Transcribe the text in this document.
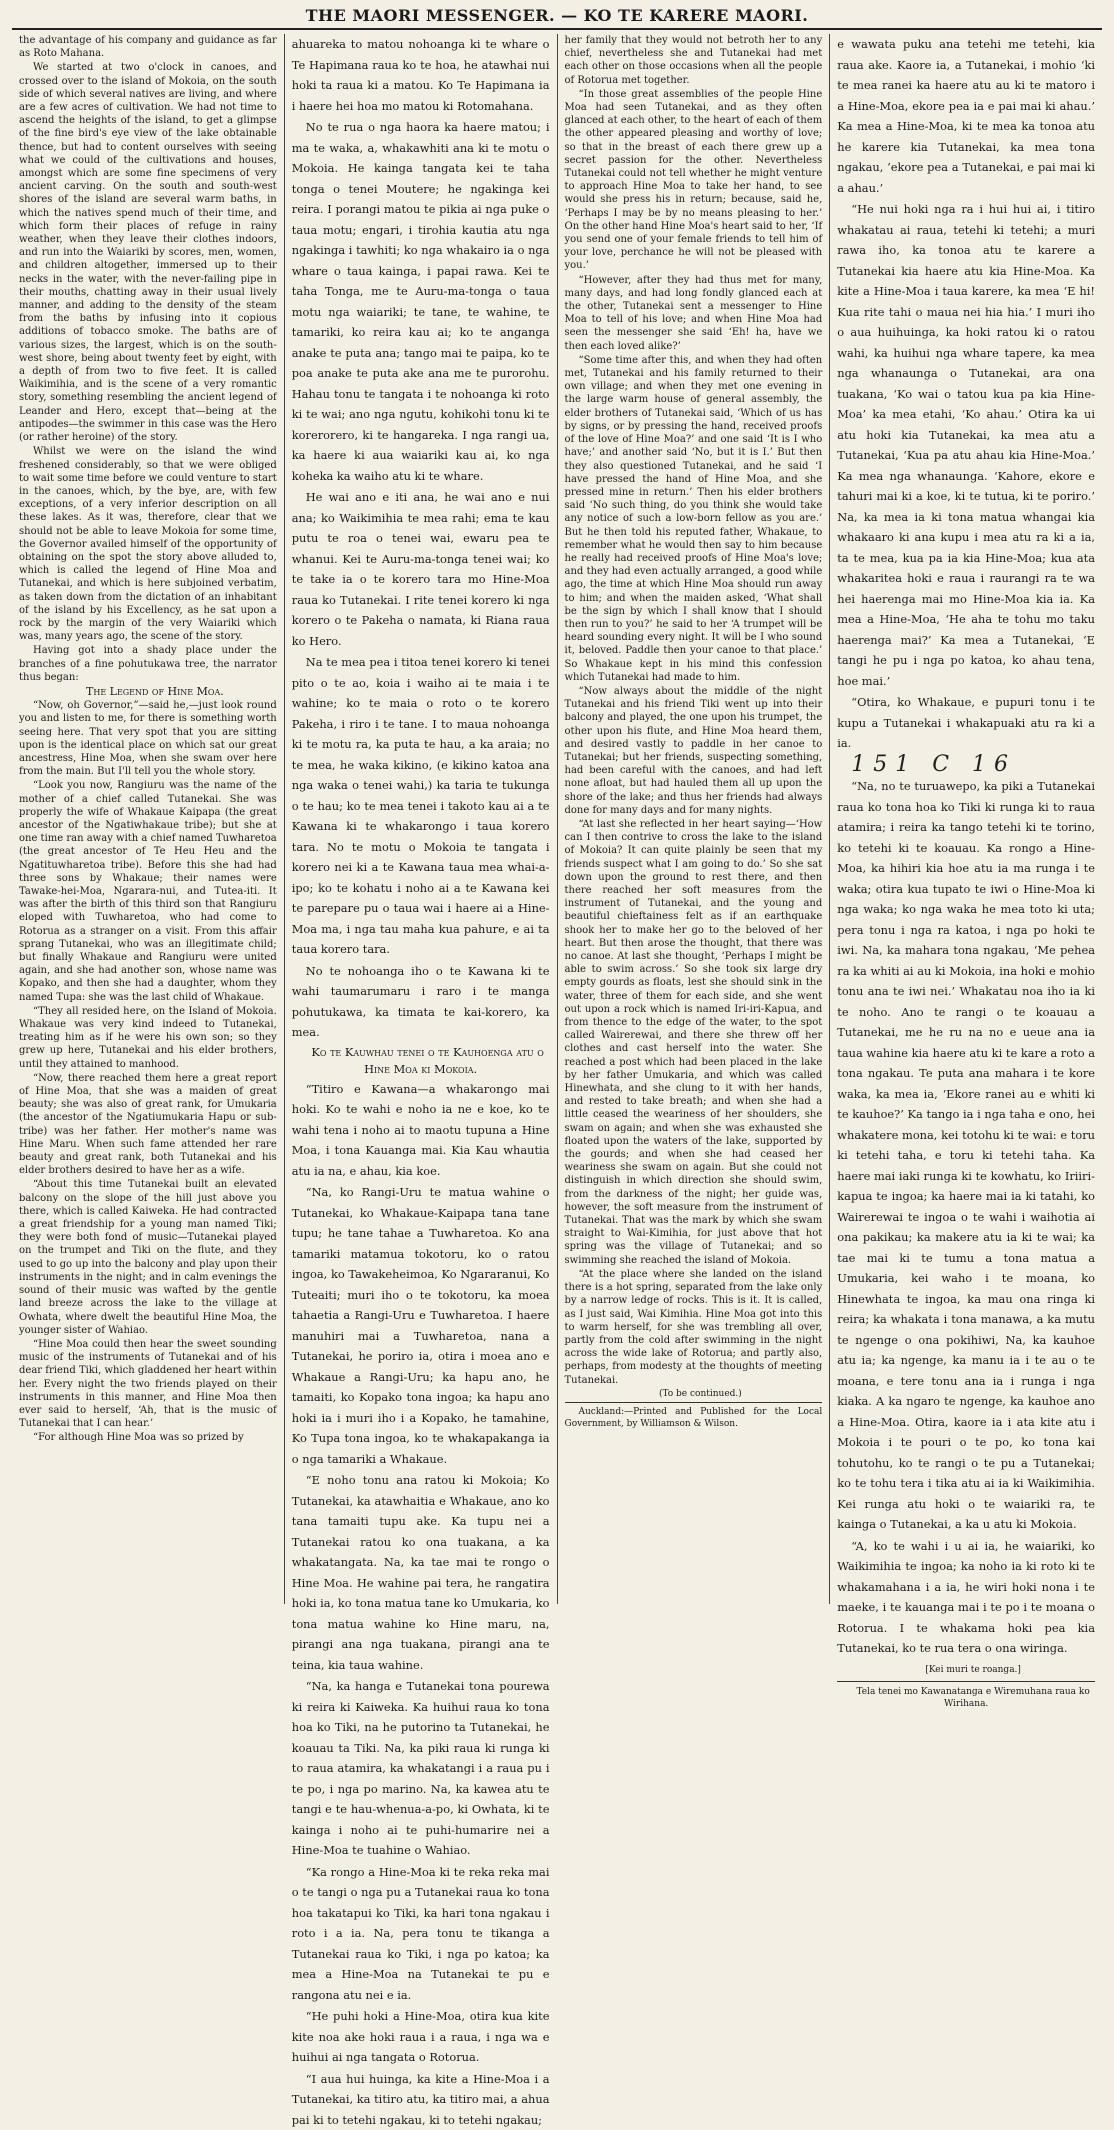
THE MAORI MESSENGER. — KO TE KARERE MAORI.

the advantage of his company and guidance as far as Roto Mahana.

We started at two o'clock in canoes, and crossed over to the island of Mokoia, on the south side of which several natives are living, and where are a few acres of cultivation. We had not time to ascend the heights of the island, to get a glimpse of the fine bird's eye view of the lake obtainable thence, but had to content ourselves with seeing what we could of the cultivations and houses, amongst which are some fine specimens of very ancient carving. On the south and south-west shores of the island are several warm baths, in which the natives spend much of their time, and which form their places of refuge in rainy weather, when they leave their clothes indoors, and run into the Waiariki by scores, men, women, and children altogether, immersed up to their necks in the water, with the never-failing pipe in their mouths, chatting away in their usual lively manner, and adding to the density of the steam from the baths by infusing into it copious additions of tobacco smoke. The baths are of various sizes, the largest, which is on the south-west shore, being about twenty feet by eight, with a depth of from two to five feet. It is called Waikimihia, and is the scene of a very romantic story, something resembling the ancient legend of Leander and Hero, except that—being at the antipodes—the swimmer in this case was the Hero (or rather heroine) of the story.

Whilst we were on the island the wind freshened considerably, so that we were obliged to wait some time before we could venture to start in the canoes, which, by the bye, are, with few exceptions, of a very inferior description on all these lakes. As it was, therefore, clear that we should not be able to leave Mokoia for some time, the Governor availed himself of the opportunity of obtaining on the spot the story above alluded to, which is called the legend of Hine Moa and Tutanekai, and which is here subjoined verbatim, as taken down from the dictation of an inhabitant of the island by his Excellency, as he sat upon a rock by the margin of the very Waiariki which was, many years ago, the scene of the story.

Having got into a shady place under the branches of a fine pohutukawa tree, the narrator thus began:

The Legend of Hine Moa.

“Now, oh Governor,”—said he,—just look round you and listen to me, for there is something worth seeing here. That very spot that you are sitting upon is the identical place on which sat our great ancestress, Hine Moa, when she swam over here from the main. But I'll tell you the whole story.

“Look you now, Rangiuru was the name of the mother of a chief called Tutanekai. She was properly the wife of Whakaue Kaipapa (the great ancestor of the Ngatiwhakaue tribe); but she at one time ran away with a chief named Tuwharetoa (the great ancestor of Te Heu Heu and the Ngatituwharetoa tribe). Before this she had had three sons by Whakaue; their names were Tawake-hei-Moa, Ngarara-nui, and Tutea-iti. It was after the birth of this third son that Rangiuru eloped with Tuwharetoa, who had come to Rotorua as a stranger on a visit. From this affair sprang Tutanekai, who was an illegitimate child; but finally Whakaue and Rangiuru were united again, and she had another son, whose name was Kopako, and then she had a daughter, whom they named Tupa: she was the last child of Whakaue.

“They all resided here, on the Island of Mokoia. Whakaue was very kind indeed to Tutanekai, treating him as if he were his own son; so they grew up here, Tutanekai and his elder brothers, until they attained to manhood.

“Now, there reached them here a great report of Hine Moa, that she was a maiden of great beauty; she was also of great rank, for Umukaria (the ancestor of the Ngatiumukaria Hapu or sub-tribe) was her father. Her mother's name was Hine Maru. When such fame attended her rare beauty and great rank, both Tutanekai and his elder brothers desired to have her as a wife.

“About this time Tutanekai built an elevated balcony on the slope of the hill just above you there, which is called Kaiweka. He had contracted a great friendship for a young man named Tiki; they were both fond of music—Tutanekai played on the trumpet and Tiki on the flute, and they used to go up into the balcony and play upon their instruments in the night; and in calm evenings the sound of their music was wafted by the gentle land breeze across the lake to the village at Owhata, where dwelt the beautiful Hine Moa, the younger sister of Wahiao.

“Hine Moa could then hear the sweet sounding music of the instruments of Tutanekai and of his dear friend Tiki, which gladdened her heart within her. Every night the two friends played on their instruments in this manner, and Hine Moa then ever said to herself, ‘Ah, that is the music of Tutanekai that I can hear.’

“For although Hine Moa was so prized by

ahuareka to matou nohoanga ki te whare o Te Hapimana raua ko te hoa, he atawhai nui hoki ta raua ki a matou. Ko Te Hapimana ia i haere hei hoa mo matou ki Rotomahana.

No te rua o nga haora ka haere matou; i ma te waka, a, whakawhiti ana ki te motu o Mokoia. He kainga tangata kei te taha tonga o tenei Moutere; he ngakinga kei reira. I porangi matou te pikia ai nga puke o taua motu; engari, i tirohia kautia atu nga ngakinga i tawhiti; ko nga whakairo ia o nga whare o taua kainga, i papai rawa. Kei te taha Tonga, me te Auru-ma-tonga o taua motu nga waiariki; te tane, te wahine, te tamariki, ko reira kau ai; ko te anganga anake te puta ana; tango mai te paipa, ko te poa anake te puta ake ana me te purorohu. Hahau tonu te tangata i te nohoanga ki roto ki te wai; ano nga ngutu, kohikohi tonu ki te korerorero, ki te hangareka. I nga rangi ua, ka haere ki aua waiariki kau ai, ko nga koheka ka waiho atu ki te whare.

He wai ano e iti ana, he wai ano e nui ana; ko Waikimihia te mea rahi; ema te kau putu te roa o tenei wai, ewaru pea te whanui. Kei te Auru-ma-tonga tenei wai; ko te take ia o te korero tara mo Hine-Moa raua ko Tutanekai. I rite tenei korero ki nga korero o te Pakeha o namata, ki Riana raua ko Hero.

Na te mea pea i titoa tenei korero ki tenei pito o te ao, koia i waiho ai te maia i te wahine; ko te maia o roto o te korero Pakeha, i riro i te tane. I to maua nohoanga ki te motu ra, ka puta te hau, a ka araia; no te mea, he waka kikino, (e kikino katoa ana nga waka o tenei wahi,) ka taria te tukunga o te hau; ko te mea tenei i takoto kau ai a te Kawana ki te whakarongo i taua korero tara. No te motu o Mokoia te tangata i korero nei ki a te Kawana taua mea whai-a-ipo; ko te kohatu i noho ai a te Kawana kei te parepare pu o taua wai i haere ai a Hine-Moa ma, i nga tau maha kua pahure, e ai ta taua korero tara.

No te nohoanga iho o te Kawana ki te wahi taumarumaru i raro i te manga pohutukawa, ka timata te kai-korero, ka mea.

Ko te Kauwhau tenei o te Kauhoenga atu o Hine Moa ki Mokoia.

“Titiro e Kawana—a whakarongo mai hoki. Ko te wahi e noho ia ne e koe, ko te wahi tena i noho ai to maotu tupuna a Hine Moa, i tona Kauanga mai. Kia Kau whautia atu ia na, e ahau, kia koe.

“Na, ko Rangi-Uru te matua wahine o Tutanekai, ko Whakaue-Kaipapa tana tane tupu; he tane tahae a Tuwharetoa. Ko ana tamariki matamua tokotoru, ko o ratou ingoa, ko Tawakeheimoa, Ko Ngararanui, Ko Tuteaiti; muri iho o te tokotoru, ka moea tahaetia a Rangi-Uru e Tuwharetoa. I haere manuhiri mai a Tuwharetoa, nana a Tutanekai, he poriro ia, otira i moea ano e Whakaue a Rangi-Uru; ka hapu ano, he tamaiti, ko Kopako tona ingoa; ka hapu ano hoki ia i muri iho i a Kopako, he tamahine, Ko Tupa tona ingoa, ko te whakapakanga ia o nga tamariki a Whakaue.

“E noho tonu ana ratou ki Mokoia; Ko Tutanekai, ka atawhaitia e Whakaue, ano ko tana tamaiti tupu ake. Ka tupu nei a Tutanekai ratou ko ona tuakana, a ka whakatangata. Na, ka tae mai te rongo o Hine Moa. He wahine pai tera, he rangatira hoki ia, ko tona matua tane ko Umukaria, ko tona matua wahine ko Hine maru, na, pirangi ana nga tuakana, pirangi ana te teina, kia taua wahine.

“Na, ka hanga e Tutanekai tona pourewa ki reira ki Kaiweka. Ka huihui raua ko tona hoa ko Tiki, na he putorino ta Tutanekai, he koauau ta Tiki. Na, ka piki raua ki runga ki to raua atamira, ka whakatangi i a raua pu i te po, i nga po marino. Na, ka kawea atu te tangi e te hau-whenua-a-po, ki Owhata, ki te kainga i noho ai te puhi-humarire nei a Hine-Moa te tuahine o Wahiao.

“Ka rongo a Hine-Moa ki te reka reka mai o te tangi o nga pu a Tutanekai raua ko tona hoa takatapui ko Tiki, ka hari tona ngakau i roto i a ia. Na, pera tonu te tikanga a Tutanekai raua ko Tiki, i nga po katoa; ka mea a Hine-Moa na Tutanekai te pu e rangona atu nei e ia.

“He puhi hoki a Hine-Moa, otira kua kite kite noa ake hoki raua i a raua, i nga wa e huihui ai nga tangata o Rotorua.

“I aua hui huinga, ka kite a Hine-Moa i a Tutanekai, ka titiro atu, ka titiro mai, a ahua pai ki to tetehi ngakau, ki to tetehi ngakau;

her family that they would not betroth her to any chief, nevertheless she and Tutanekai had met each other on those occasions when all the people of Rotorua met together.

“In those great assemblies of the people Hine Moa had seen Tutanekai, and as they often glanced at each other, to the heart of each of them the other appeared pleasing and worthy of love; so that in the breast of each there grew up a secret passion for the other. Nevertheless Tutanekai could not tell whether he might venture to approach Hine Moa to take her hand, to see would she press his in return; because, said he, ‘Perhaps I may be by no means pleasing to her.’ On the other hand Hine Moa's heart said to her, ‘If you send one of your female friends to tell him of your love, perchance he will not be pleased with you.’

“However, after they had thus met for many, many days, and had long fondly glanced each at the other, Tutanekai sent a messenger to Hine Moa to tell of his love; and when Hine Moa had seen the messenger she said ‘Eh! ha, have we then each loved alike?’

“Some time after this, and when they had often met, Tutanekai and his family returned to their own village; and when they met one evening in the large warm house of general assembly, the elder brothers of Tutanekai said, ‘Which of us has by signs, or by pressing the hand, received proofs of the love of Hine Moa?’ and one said ‘It is I who have;’ and another said ‘No, but it is I.’ But then they also questioned Tutanekai, and he said ‘I have pressed the hand of Hine Moa, and she pressed mine in return.’ Then his elder brothers said ‘No such thing, do you think she would take any notice of such a low-born fellow as you are.’ But he then told his reputed father, Whakaue, to remember what he would then say to him because he really had received proofs of Hine Moa's love; and they had even actually arranged, a good while ago, the time at which Hine Moa should run away to him; and when the maiden asked, ‘What shall be the sign by which I shall know that I should then run to you?’ he said to her ‘A trumpet will be heard sounding every night. It will be I who sound it, beloved. Paddle then your canoe to that place.’ So Whakaue kept in his mind this confession which Tutanekai had made to him.

“Now always about the middle of the night Tutanekai and his friend Tiki went up into their balcony and played, the one upon his trumpet, the other upon his flute, and Hine Moa heard them, and desired vastly to paddle in her canoe to Tutanekai; but her friends, suspecting something, had been careful with the canoes, and had left none afloat, but had hauled them all up upon the shore of the lake; and thus her friends had always done for many days and for many nights.

“At last she reflected in her heart saying—‘How can I then contrive to cross the lake to the island of Mokoia? It can quite plainly be seen that my friends suspect what I am going to do.’ So she sat down upon the ground to rest there, and then there reached her soft measures from the instrument of Tutanekai, and the young and beautiful chieftainess felt as if an earthquake shook her to make her go to the beloved of her heart. But then arose the thought, that there was no canoe. At last she thought, ‘Perhaps I might be able to swim across.’ So she took six large dry empty gourds as floats, lest she should sink in the water, three of them for each side, and she went out upon a rock which is named Iri-iri-Kapua, and from thence to the edge of the water, to the spot called Wairerewai, and there she threw off her clothes and cast herself into the water. She reached a post which had been placed in the lake by her father Umukaria, and which was called Hinewhata, and she clung to it with her hands, and rested to take breath; and when she had a little ceased the weariness of her shoulders, she swam on again; and when she was exhausted she floated upon the waters of the lake, supported by the gourds; and when she had ceased her weariness she swam on again. But she could not distinguish in which direction she should swim, from the darkness of the night; her guide was, however, the soft measure from the instrument of Tutanekai. That was the mark by which she swam straight to Wai-Kimihia, for just above that hot spring was the village of Tutanekai; and so swimming she reached the island of Mokoia.

“At the place where she landed on the island there is a hot spring, separated from the lake only by a narrow ledge of rocks. This is it. It is called, as I just said, Wai Kimihia. Hine Moa got into this to warm herself, for she was trembling all over, partly from the cold after swimming in the night across the wide lake of Rotorua; and partly also, perhaps, from modesty at the thoughts of meeting Tutanekai.

(To be continued.)

Auckland:—Printed and Published for the Local Government, by Williamson & Wilson.

e wawata puku ana tetehi me tetehi, kia raua ake. Kaore ia, a Tutanekai, i mohio ‘ki te mea ranei ka haere atu au ki te matoro i a Hine-Moa, ekore pea ia e pai mai ki ahau.’ Ka mea a Hine-Moa, ki te mea ka tonoa atu he karere kia Tutanekai, ka mea tona ngakau, ‘ekore pea a Tutanekai, e pai mai ki a ahau.’

“He nui hoki nga ra i hui hui ai, i titiro whakatau ai raua, tetehi ki tetehi; a muri rawa iho, ka tonoa atu te karere a Tutanekai kia haere atu kia Hine-Moa. Ka kite a Hine-Moa i taua karere, ka mea ‘E hi! Kua rite tahi o maua nei hia hia.’ I muri iho o aua huihuinga, ka hoki ratou ki o ratou wahi, ka huihui nga whare tapere, ka mea nga whanaunga o Tutanekai, ara ona tuakana, ‘Ko wai o tatou kua pa kia Hine-Moa’ ka mea etahi, ‘Ko ahau.’ Otira ka ui atu hoki kia Tutanekai, ka mea atu a Tutanekai, ‘Kua pa atu ahau kia Hine-Moa.’ Ka mea nga whanaunga. ‘Kahore, ekore e tahuri mai ki a koe, ki te tutua, ki te poriro.’ Na, ka mea ia ki tona matua whangai kia whakaaro ki ana kupu i mea atu ra ki a ia, ta te mea, kua pa ia kia Hine-Moa; kua ata whakaritea hoki e raua i raurangi ra te wa hei haerenga mai mo Hine-Moa kia ia. Ka mea a Hine-Moa, ‘He aha te tohu mo taku haerenga mai?’ Ka mea a Tutanekai, ‘E tangi he pu i nga po katoa, ko ahau tena, hoe mai.’

“Otira, ko Whakaue, e pupuri tonu i te kupu a Tutanekai i whakapuaki atu ra ki a ia.

151 C 16

“Na, no te turuawepo, ka piki a Tutanekai raua ko tona hoa ko Tiki ki runga ki to raua atamira; i reira ka tango tetehi ki te torino, ko tetehi ki te koauau. Ka rongo a Hine-Moa, ka hihiri kia hoe atu ia ma runga i te waka; otira kua tupato te iwi o Hine-Moa ki nga waka; ko nga waka he mea toto ki uta; pera tonu i nga ra katoa, i nga po hoki te iwi. Na, ka mahara tona ngakau, ‘Me pehea ra ka whiti ai au ki Mokoia, ina hoki e mohio tonu ana te iwi nei.’ Whakatau noa iho ia ki te noho. Ano te rangi o te koauau a Tutanekai, me he ru na no e ueue ana ia taua wahine kia haere atu ki te kare a roto a tona ngakau. Te puta ana mahara i te kore waka, ka mea ia, ‘Ekore ranei au e whiti ki te kauhoe?’ Ka tango ia i nga taha e ono, hei whakatere mona, kei totohu ki te wai: e toru ki tetehi taha, e toru ki tetehi taha. Ka haere mai iaki runga ki te kowhatu, ko Iriiri-kapua te ingoa; ka haere mai ia ki tatahi, ko Wairerewai te ingoa o te wahi i waihotia ai ona pakikau; ka makere atu ia ki te wai; ka tae mai ki te tumu a tona matua a Umukaria, kei waho i te moana, ko Hinewhata te ingoa, ka mau ona ringa ki reira; ka whakata i tona manawa, a ka mutu te ngenge o ona pokihiwi, Na, ka kauhoe atu ia; ka ngenge, ka manu ia i te au o te moana, e tere tonu ana ia i runga i nga kiaka. A ka ngaro te ngenge, ka kauhoe ano a Hine-Moa. Otira, kaore ia i ata kite atu i Mokoia i te pouri o te po, ko tona kai tohutohu, ko te rangi o te pu a Tutanekai; ko te tohu tera i tika atu ai ia ki Waikimihia. Kei runga atu hoki o te waiariki ra, te kainga o Tutanekai, a ka u atu ki Mokoia.

“A, ko te wahi i u ai ia, he waiariki, ko Waikimihia te ingoa; ka noho ia ki roto ki te whakamahana i a ia, he wiri hoki nona i te maeke, i te kauanga mai i te po i te moana o Rotorua. I te whakama hoki pea kia Tutanekai, ko te rua tera o ona wiringa.

[Kei muri te roanga.]

Tela tenei mo Kawanatanga e Wiremuhana raua ko Wirihana.
